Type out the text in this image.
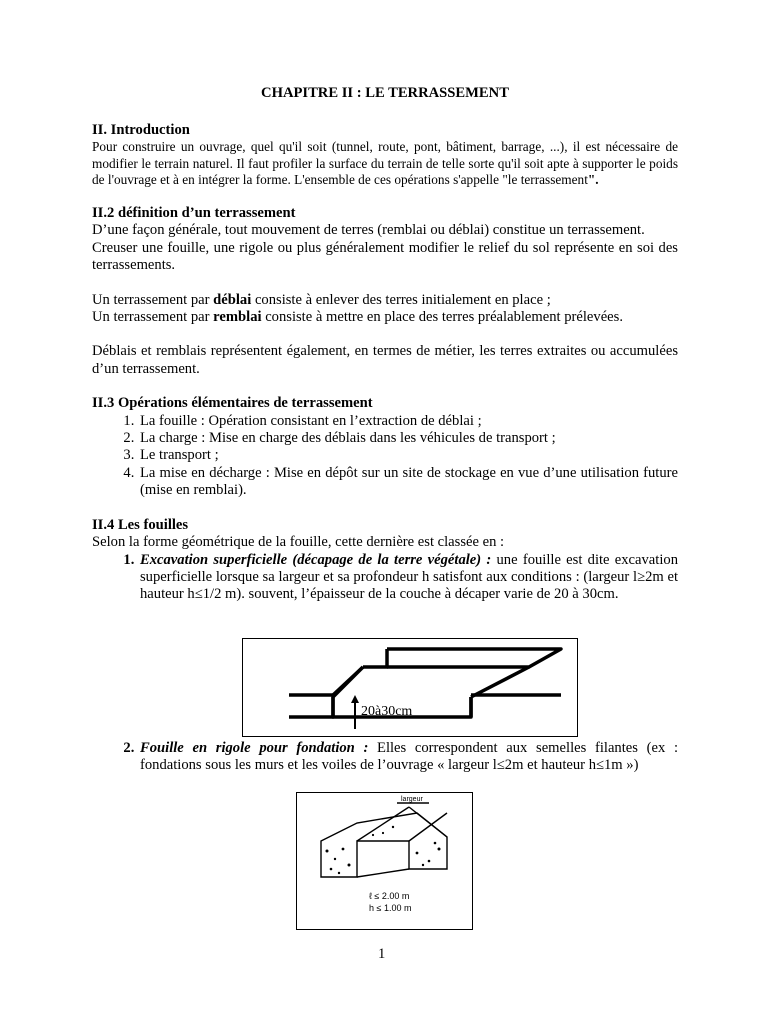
CHAPITRE II : LE TERRASSEMENT
II. Introduction

Pour construire un ouvrage, quel qu'il soit (tunnel, route, pont, bâtiment, barrage, ...), il est nécessaire de modifier le terrain naturel. Il faut profiler la surface du terrain de telle sorte qu'il soit apte à supporter le poids de l'ouvrage et à en intégrer la forme. L'ensemble de ces opérations s'appelle "le terrassement".

II.2 définition d’un terrassement

D’une façon générale, tout mouvement de terres (remblai ou déblai) constitue un terrassement.

Creuser une fouille, une rigole ou plus généralement modifier le relief du sol représente en soi des terrassements.

Un terrassement par déblai consiste à enlever des terres initialement en place ;

Un terrassement par remblai consiste à mettre en place des terres préalablement prélevées.

Déblais et remblais représentent également, en termes de métier, les terres extraites ou accumulées d’un terrassement.

II.3 Opérations élémentaires de terrassement
1. La fouille : Opération consistant en l’extraction de déblai ;
2. La charge : Mise en charge des déblais dans les véhicules de transport ;
3. Le transport ;
4. La mise en décharge : Mise en dépôt sur un site de stockage en vue d’une utilisation future (mise en remblai).
II.4 Les fouilles

Selon la forme géométrique de la fouille, cette dernière est classée en :

1. Excavation superficielle (décapage de la terre végétale) : une fouille est dite excavation superficielle lorsque sa largeur et sa profondeur h satisfont aux conditions : (largeur l≥2m et hauteur h≤1/2 m). souvent, l’épaisseur de la couche à décaper varie de 20 à 30cm.
2. Fouille en rigole pour fondation : Elles correspondent aux semelles filantes (ex : fondations sous les murs et les voiles de l’ouvrage « largeur l≤2m et hauteur h≤1m »)
20à30cm
largeur
ℓ ≤ 2.00 m
h ≤ 1.00 m
1
